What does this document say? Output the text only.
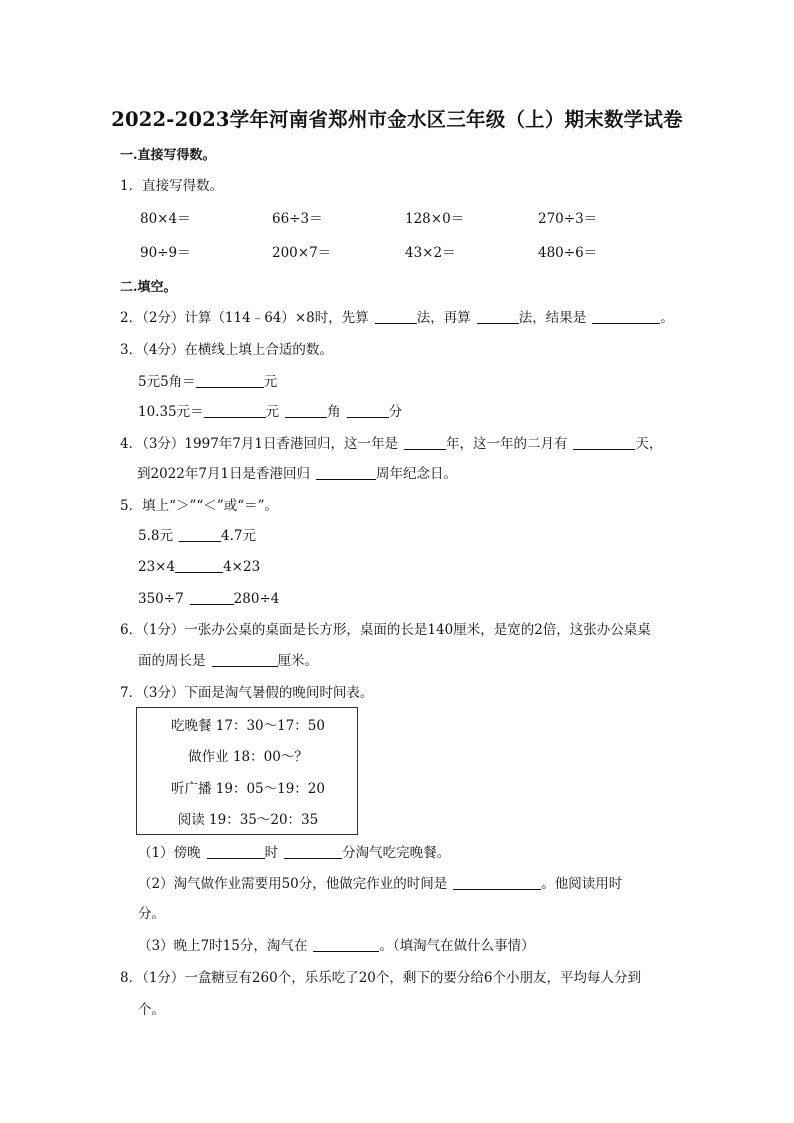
2022-2023学年河南省郑州市金水区三年级（上）期末数学试卷
一.直接写得数。
1．直接写得数。
80×4＝	66÷3＝	128×0＝	270÷3＝
90÷9＝	200×7＝	43×2＝	480÷6＝
二.填空。
2．（2分）计算（114﹣64）×8时，先算	法，再算	法，结果是	。
3．（4分）在横线上填上合适的数。
5元5角＝	元
10.35元＝	元	角	分
4．（3分）1997年7月1日香港回归，这一年是	年，这一年的二月有	天，
到2022年7月1日是香港回归	周年纪念日。
5．填上“＞”“＜”或“＝”。
5.8元	4.7元
23×4	4×23
350÷7	280÷4
6．（1分）一张办公桌的桌面是长方形，桌面的长是140厘米，是宽的2倍，这张办公桌桌
面的周长是	厘米。
7．（3分）下面是淘气暑假的晚间时间表。
吃晚餐 17：30～17：50
做作业 18：00～？
听广播 19：05～19：20
阅读 19：35～20：35
（1）傍晚	时	分淘气吃完晚餐。
（2）淘气做作业需要用50分，他做完作业的时间是	。他阅读用时
分。
（3）晚上7时15分，淘气在	。（填淘气在做什么事情）
8．（1分）一盒糖豆有260个，乐乐吃了20个，剩下的要分给6个小朋友，平均每人分到
个。
